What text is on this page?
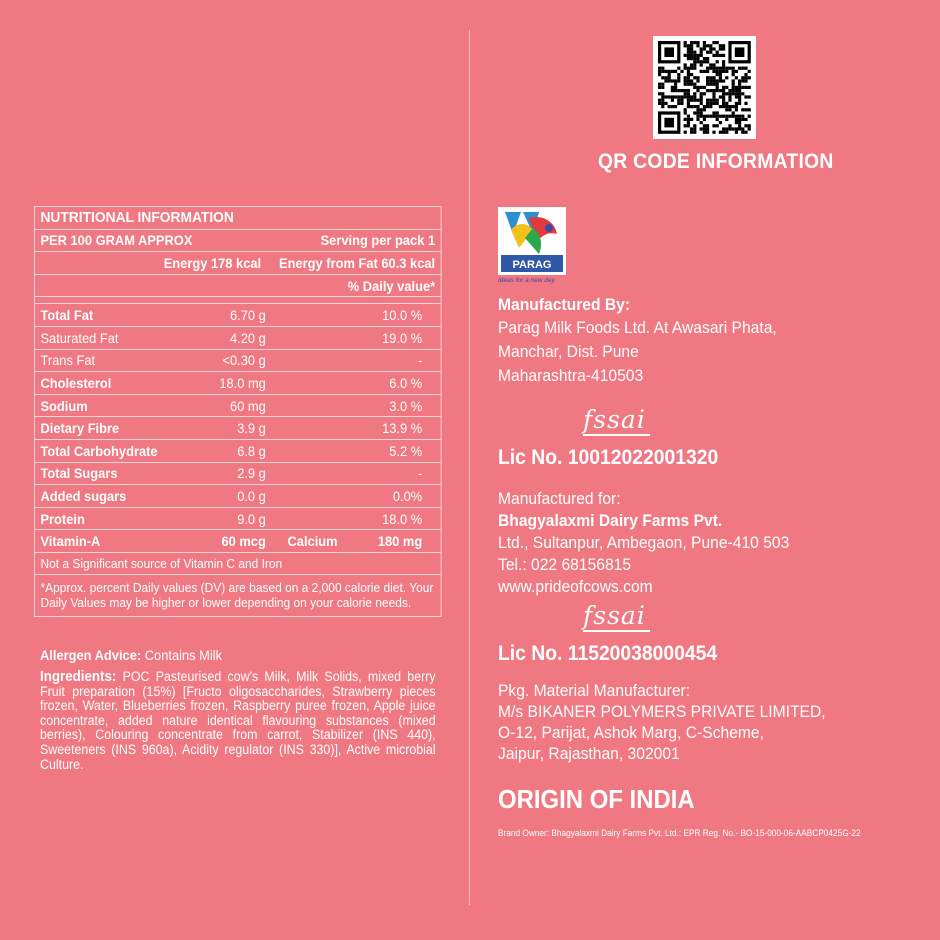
NUTRITIONAL INFORMATION
PER 100 GRAM APPROX	Serving per pack 1
Energy 178 kcal	Energy from Fat 60.3 kcal
% Daily value*
Total Fat	6.70 g	10.0 %
Saturated Fat	4.20 g	19.0 %
Trans Fat	<0.30 g	-
Cholesterol	18.0 mg	6.0 %
Sodium	60 mg	3.0 %
Dietary Fibre	3.9 g	13.9 %
Total Carbohydrate	6.8 g	5.2 %
Total Sugars	2.9 g	-
Added sugars	0.0 g	0.0%
Protein	9.0 g	18.0 %
Vitamin-A	60 mcg	Calcium	180 mg
Not a Significant source of Vitamin C and Iron
*Approx. percent Daily values (DV) are based on a 2,000 calorie diet. Your Daily Values may be higher or lower depending on your calorie needs.
Allergen Advice: Contains Milk
Ingredients: POC Pasteurised cow's Milk, Milk Solids, mixed berry Fruit preparation (15%) [Fructo oligosaccharides, Strawberry pieces frozen, Water, Blueberries frozen, Raspberry puree frozen, Apple juice concentrate, added nature identical flavouring substances (mixed berries), Colouring concentrate from carrot, Stabilizer (INS 440), Sweeteners (INS 960a), Acidity regulator (INS 330)], Active microbial Culture.
QR CODE INFORMATION
PARAG
Ideas for a new day
Manufactured By:
Parag Milk Foods Ltd. At Awasari Phata,
Manchar, Dist. Pune
Maharashtra-410503
fssai
Lic No. 10012022001320
Manufactured for:
Bhagyalaxmi Dairy Farms Pvt.
Ltd., Sultanpur, Ambegaon, Pune-410 503
Tel.: 022 68156815
www.prideofcows.com
fssai
Lic No. 11520038000454
Pkg. Material Manufacturer:
M/s BIKANER POLYMERS PRIVATE LIMITED,
O-12, Parijat, Ashok Marg, C-Scheme,
Jaipur, Rajasthan, 302001
ORIGIN OF INDIA
Brand Owner: Bhagyalaxmi Dairy Farms Pvt. Ltd.: EPR Reg. No.- BO-15-000-06-AABCP0425G-22
